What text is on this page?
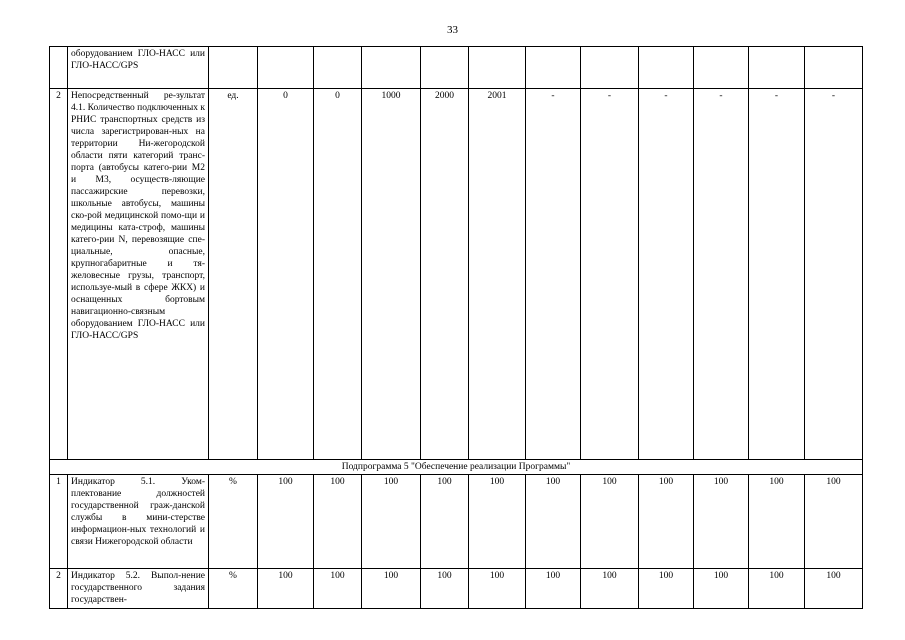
33
	оборудованием ГЛО-НАСС или ГЛО-НАСС/GPS												
2	Непосредственный ре-зультат 4.1. Количество подключенных к РНИС транспортных средств из числа зарегистрирован-ных на территории Ни-жегородской области пяти категорий транс-порта (автобусы катего-рии М2 и М3, осуществ-ляющие пассажирские перевозки, школьные автобусы, машины ско-рой медицинской помо-щи и медицины ката-строф, машины катего-рии N, перевозящие спе-циальные, опасные, крупногабаритные и тя-желовесные грузы, транспорт, используе-мый в сфере ЖКХ) и оснащенных бортовым навигационно-связным оборудованием ГЛО-НАСС или ГЛО-НАСС/GPS	ед.	0	0	1000	2000	2001	-	-	-	-	-	-
Подпрограмма 5 "Обеспечение реализации Программы"													
1	Индикатор 5.1. Уком-плектование должностей государственной граж-данской службы в мини-стерстве информацион-ных технологий и связи Нижегородской области	%	100	100	100	100	100	100	100	100	100	100	100
2	Индикатор 5.2. Выпол-нение государственного задания государствен-	%	100	100	100	100	100	100	100	100	100	100	100
